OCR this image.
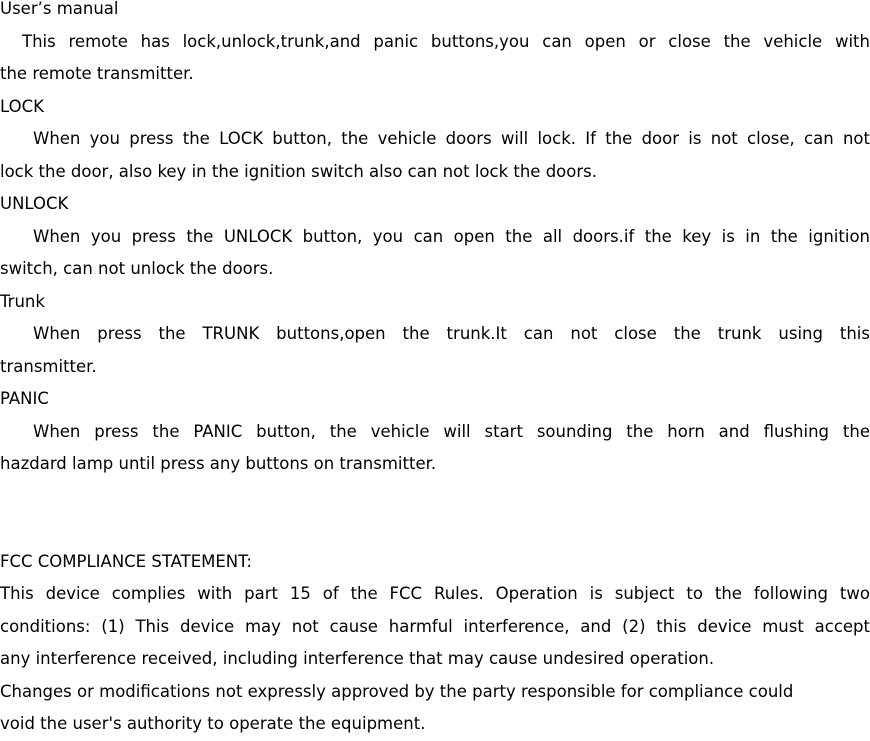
User’s manual
This remote has lock,unlock,trunk,and panic buttons,you can open or close the vehicle with
the remote transmitter.
LOCK
When you press the LOCK button, the vehicle doors will lock. If the door is not close, can not
lock the door, also key in the ignition switch also can not lock the doors.
UNLOCK
When you press the UNLOCK button, you can open the all doors.if the key is in the ignition
switch, can not unlock the doors.
Trunk
When press the TRUNK buttons,open the trunk.It can not close the trunk using this
transmitter.
PANIC
When press the PANIC button, the vehicle will start sounding the horn and flushing the
hazdard lamp until press any buttons on transmitter.
FCC COMPLIANCE STATEMENT:
This device complies with part 15 of the FCC Rules. Operation is subject to the following two
conditions: (1) This device may not cause harmful interference, and (2) this device must accept
any interference received, including interference that may cause undesired operation.
Changes or modifications not expressly approved by the party responsible for compliance could
void the user's authority to operate the equipment.
